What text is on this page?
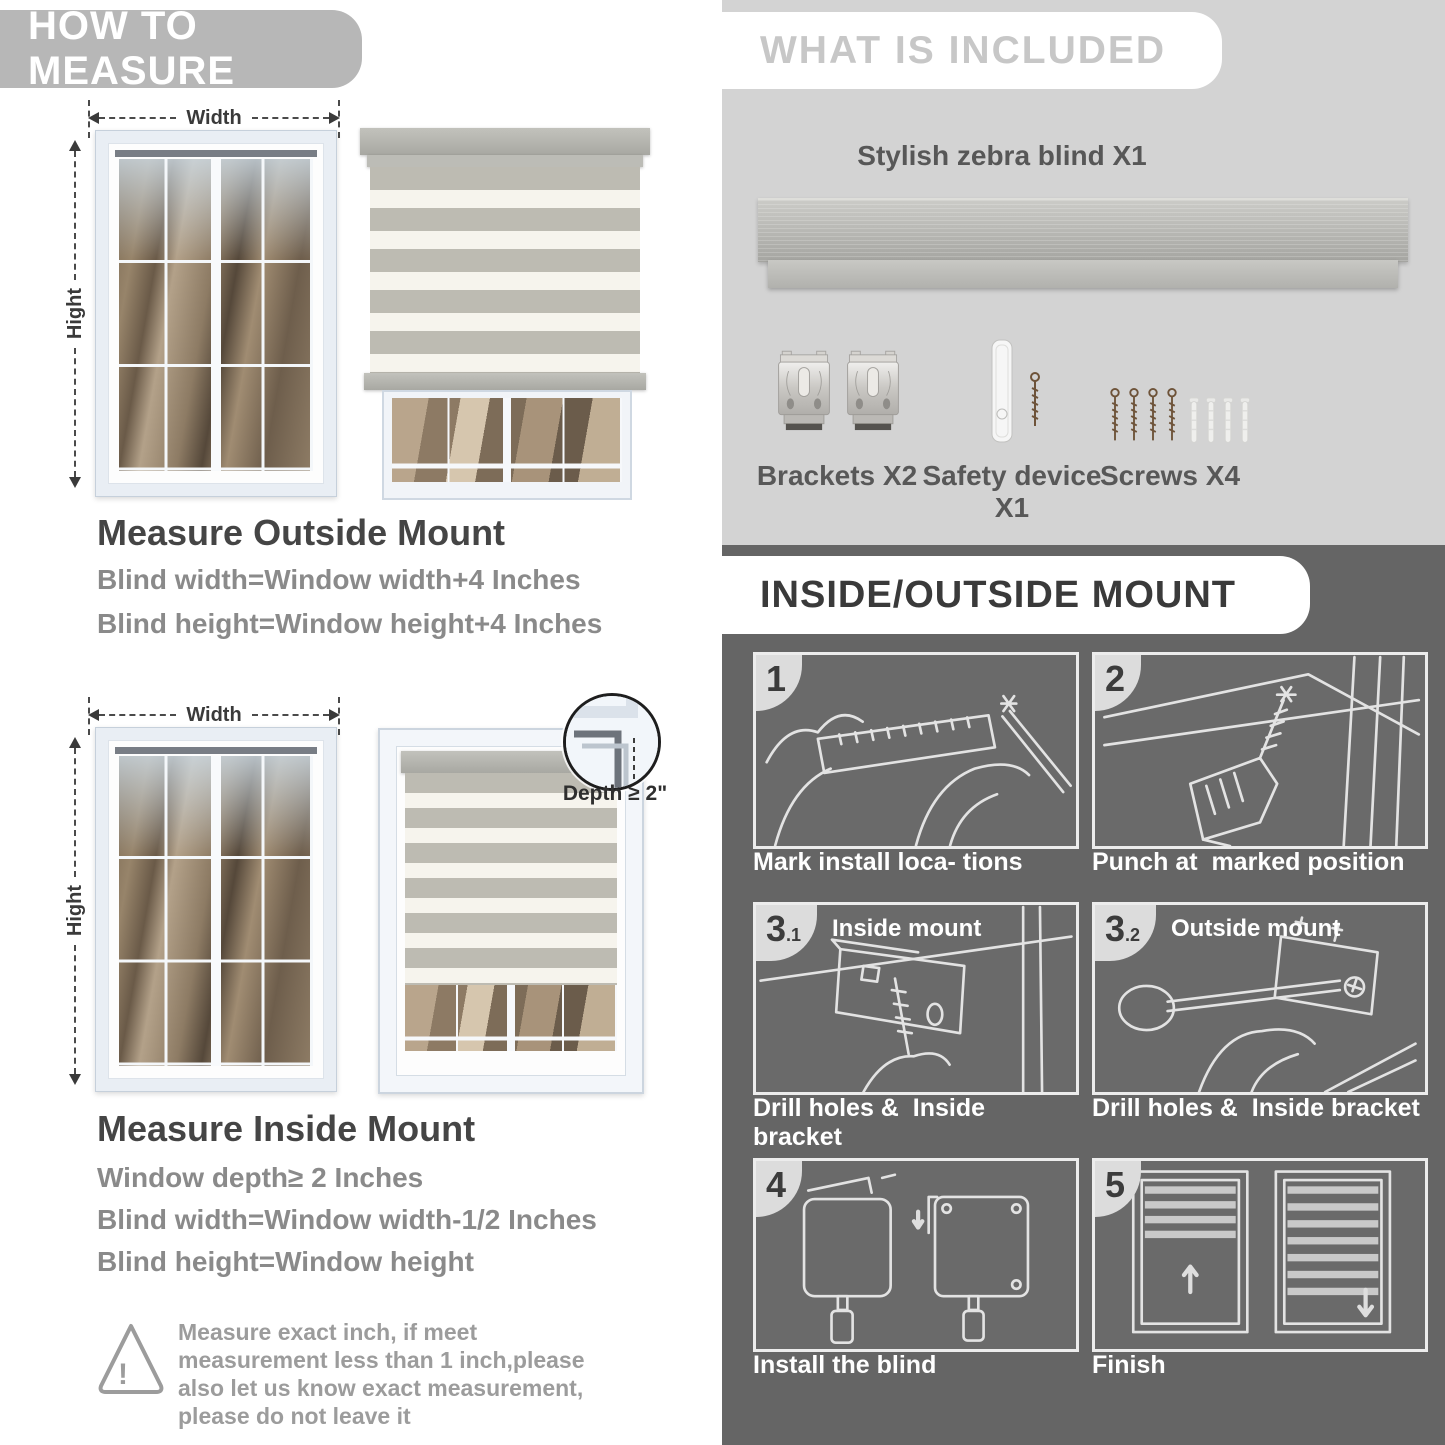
HOW TO MEASURE
Width
Hight
Measure Outside Mount
Blind width=Window width+4 Inches
Blind height=Window height+4 Inches
Width
Hight
Depth ≥ 2"
Measure Inside Mount
Window depth≥ 2 Inches
Blind width=Window width-1/2 Inches
Blind height=Window height
!
Measure exact inch, if meet measurement less than 1 inch,please also let us know exact measurement, please do not leave it
WHAT IS INCLUDED
Stylish zebra blind X1
Brackets X2 Safety device X1
Screws X4
INSIDE/OUTSIDE MOUNT
1	2
Mark install loca- tions	Punch at  marked position
3.1	Inside mount	3.2	Outside mount
Drill holes &  Inside bracket
Drill holes &  Inside bracket
4	5
Install the blind	Finish
